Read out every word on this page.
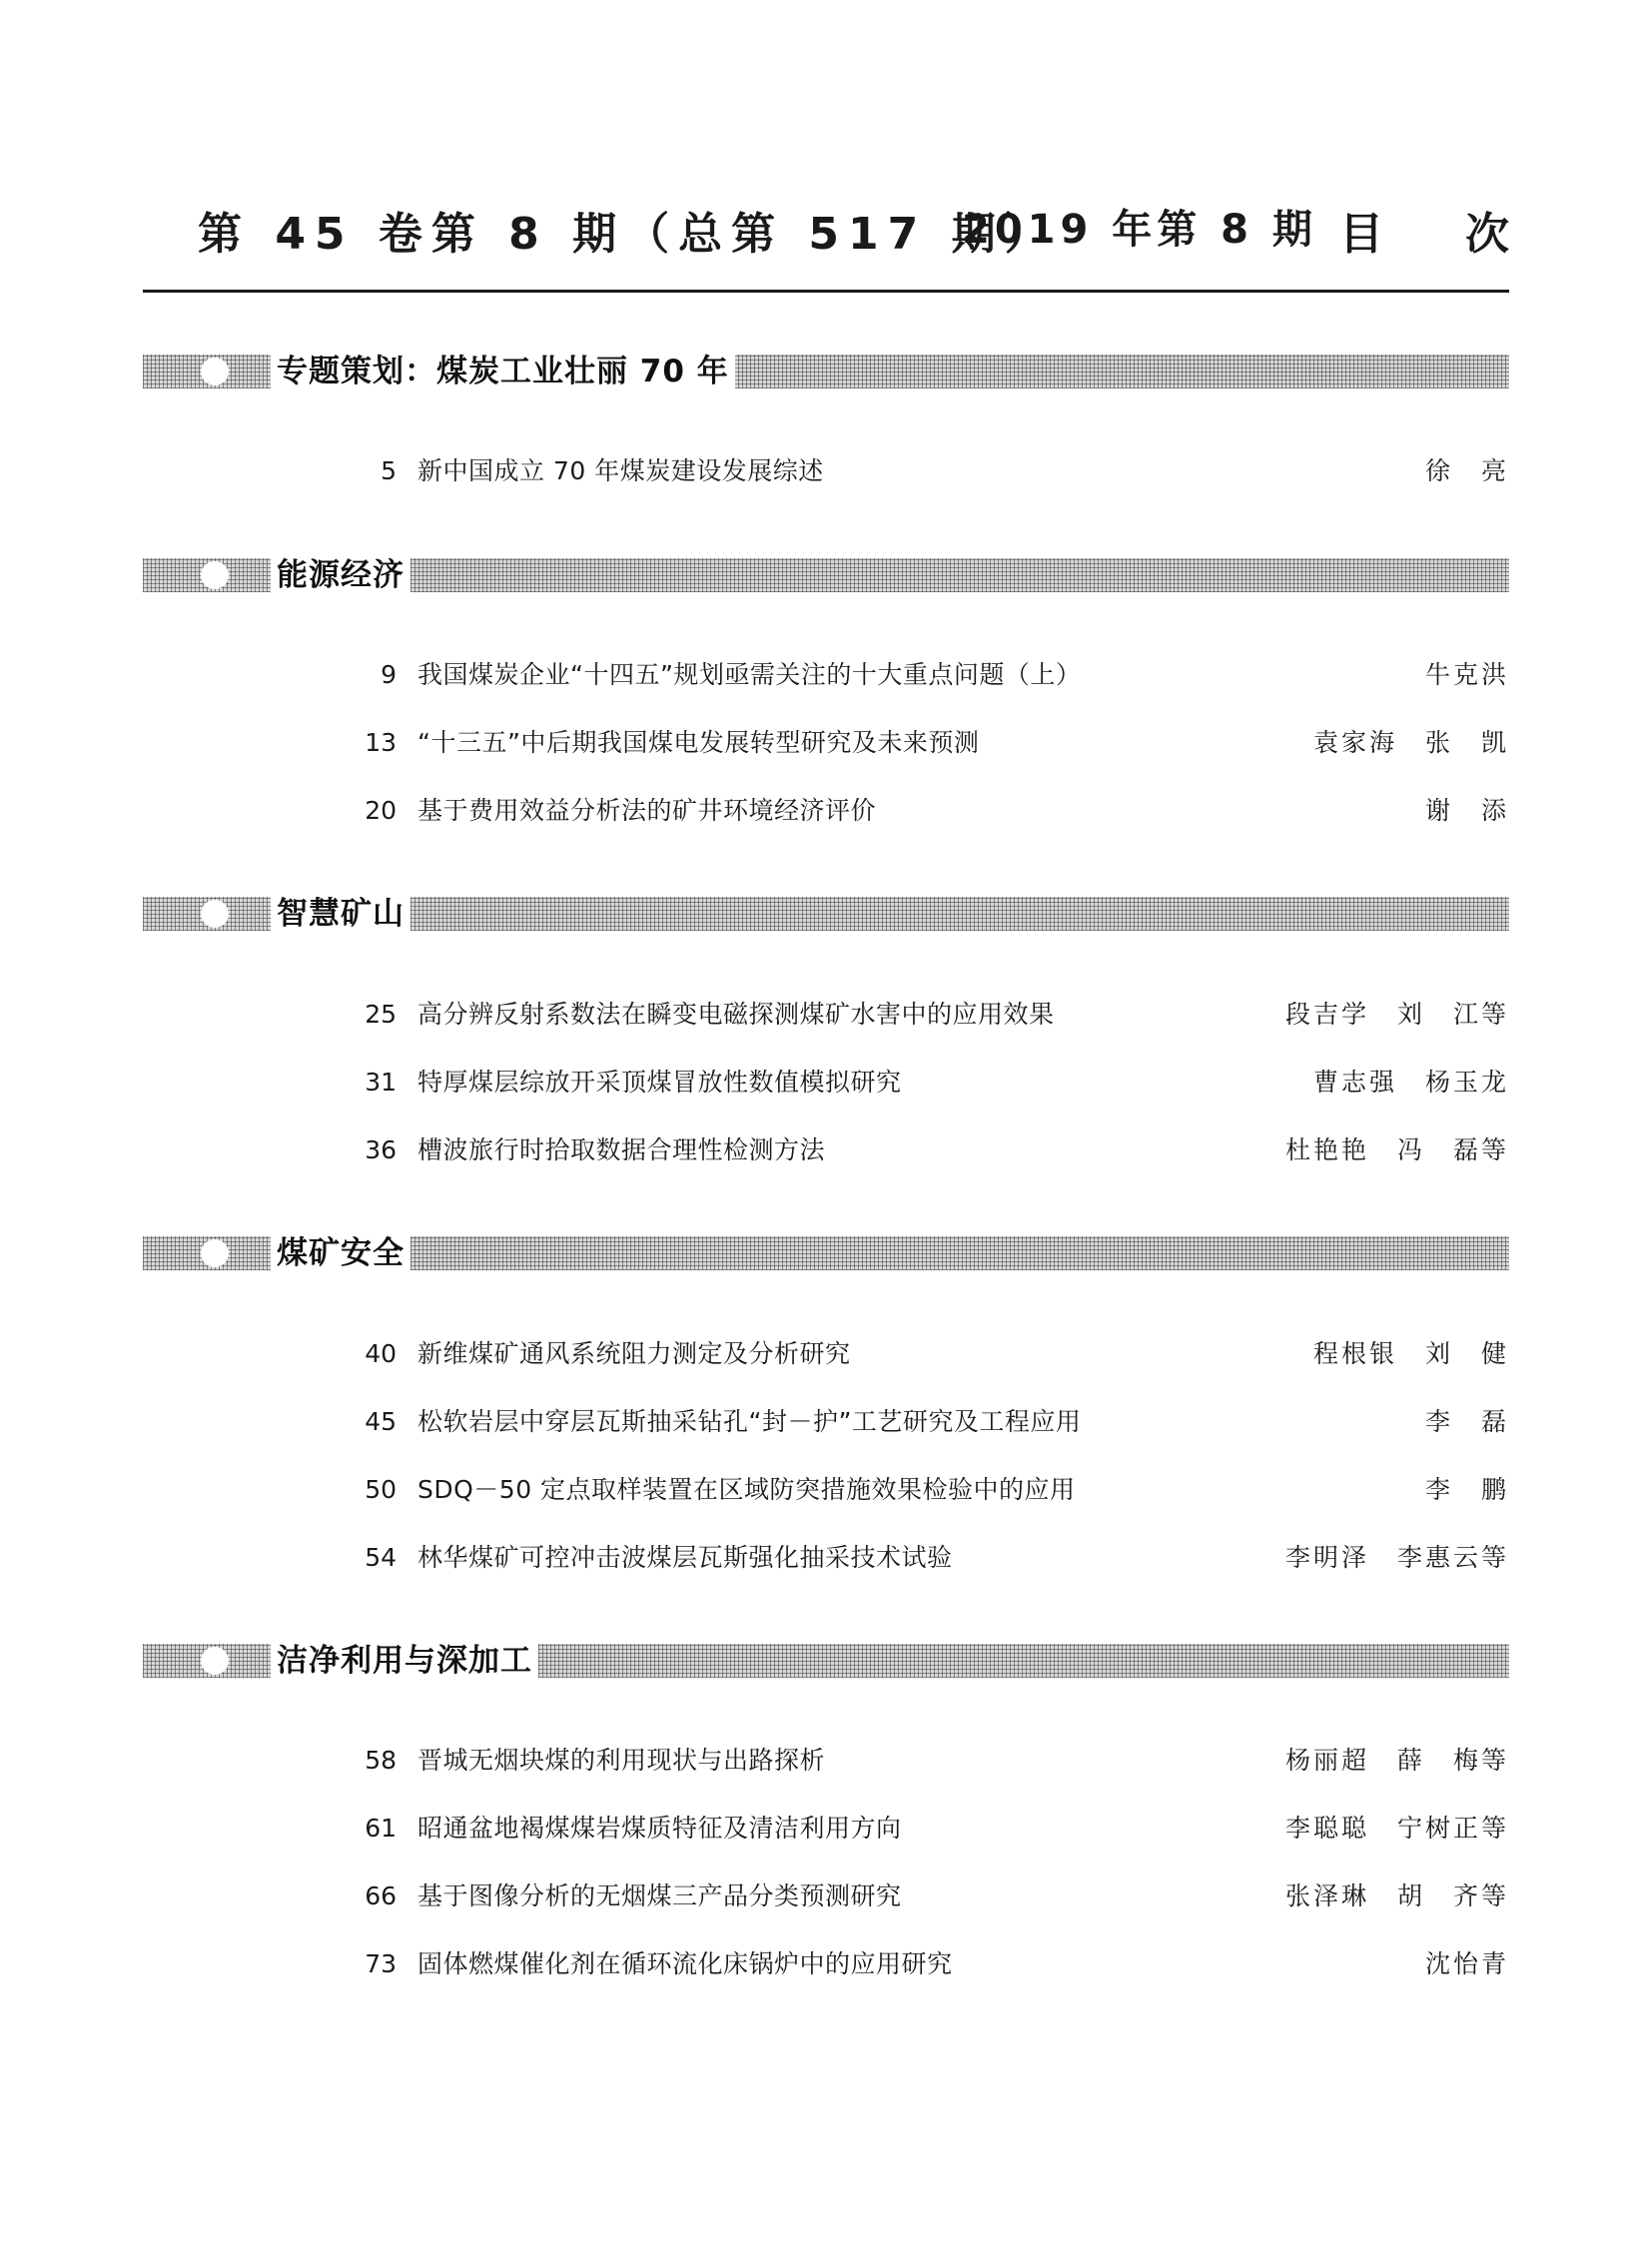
第 45 卷第 8 期（总第 517 期）
2019 年第 8 期 目次
专题策划：煤炭工业壮丽 70 年
5 新中国成立 70 年煤炭建设发展综述	徐　亮
能源经济
9 我国煤炭企业“十四五”规划亟需关注的十大重点问题（上）	牛克洪
13 “十三五”中后期我国煤电发展转型研究及未来预测	袁家海　张　凯
20 基于费用效益分析法的矿井环境经济评价	谢　添
智慧矿山
25 高分辨反射系数法在瞬变电磁探测煤矿水害中的应用效果	段吉学　刘　江等
31 特厚煤层综放开采顶煤冒放性数值模拟研究	曹志强　杨玉龙
36 槽波旅行时拾取数据合理性检测方法	杜艳艳　冯　磊等
煤矿安全
40 新维煤矿通风系统阻力测定及分析研究	程根银　刘　健
45 松软岩层中穿层瓦斯抽采钻孔“封－护”工艺研究及工程应用	李　磊
50 SDQ－50 定点取样装置在区域防突措施效果检验中的应用	李　鹏
54 林华煤矿可控冲击波煤层瓦斯强化抽采技术试验	李明泽　李惠云等
洁净利用与深加工
58 晋城无烟块煤的利用现状与出路探析	杨丽超　薛　梅等
61 昭通盆地褐煤煤岩煤质特征及清洁利用方向	李聪聪　宁树正等
66 基于图像分析的无烟煤三产品分类预测研究	张泽琳　胡　齐等
73 固体燃煤催化剂在循环流化床锅炉中的应用研究	沈怡青
